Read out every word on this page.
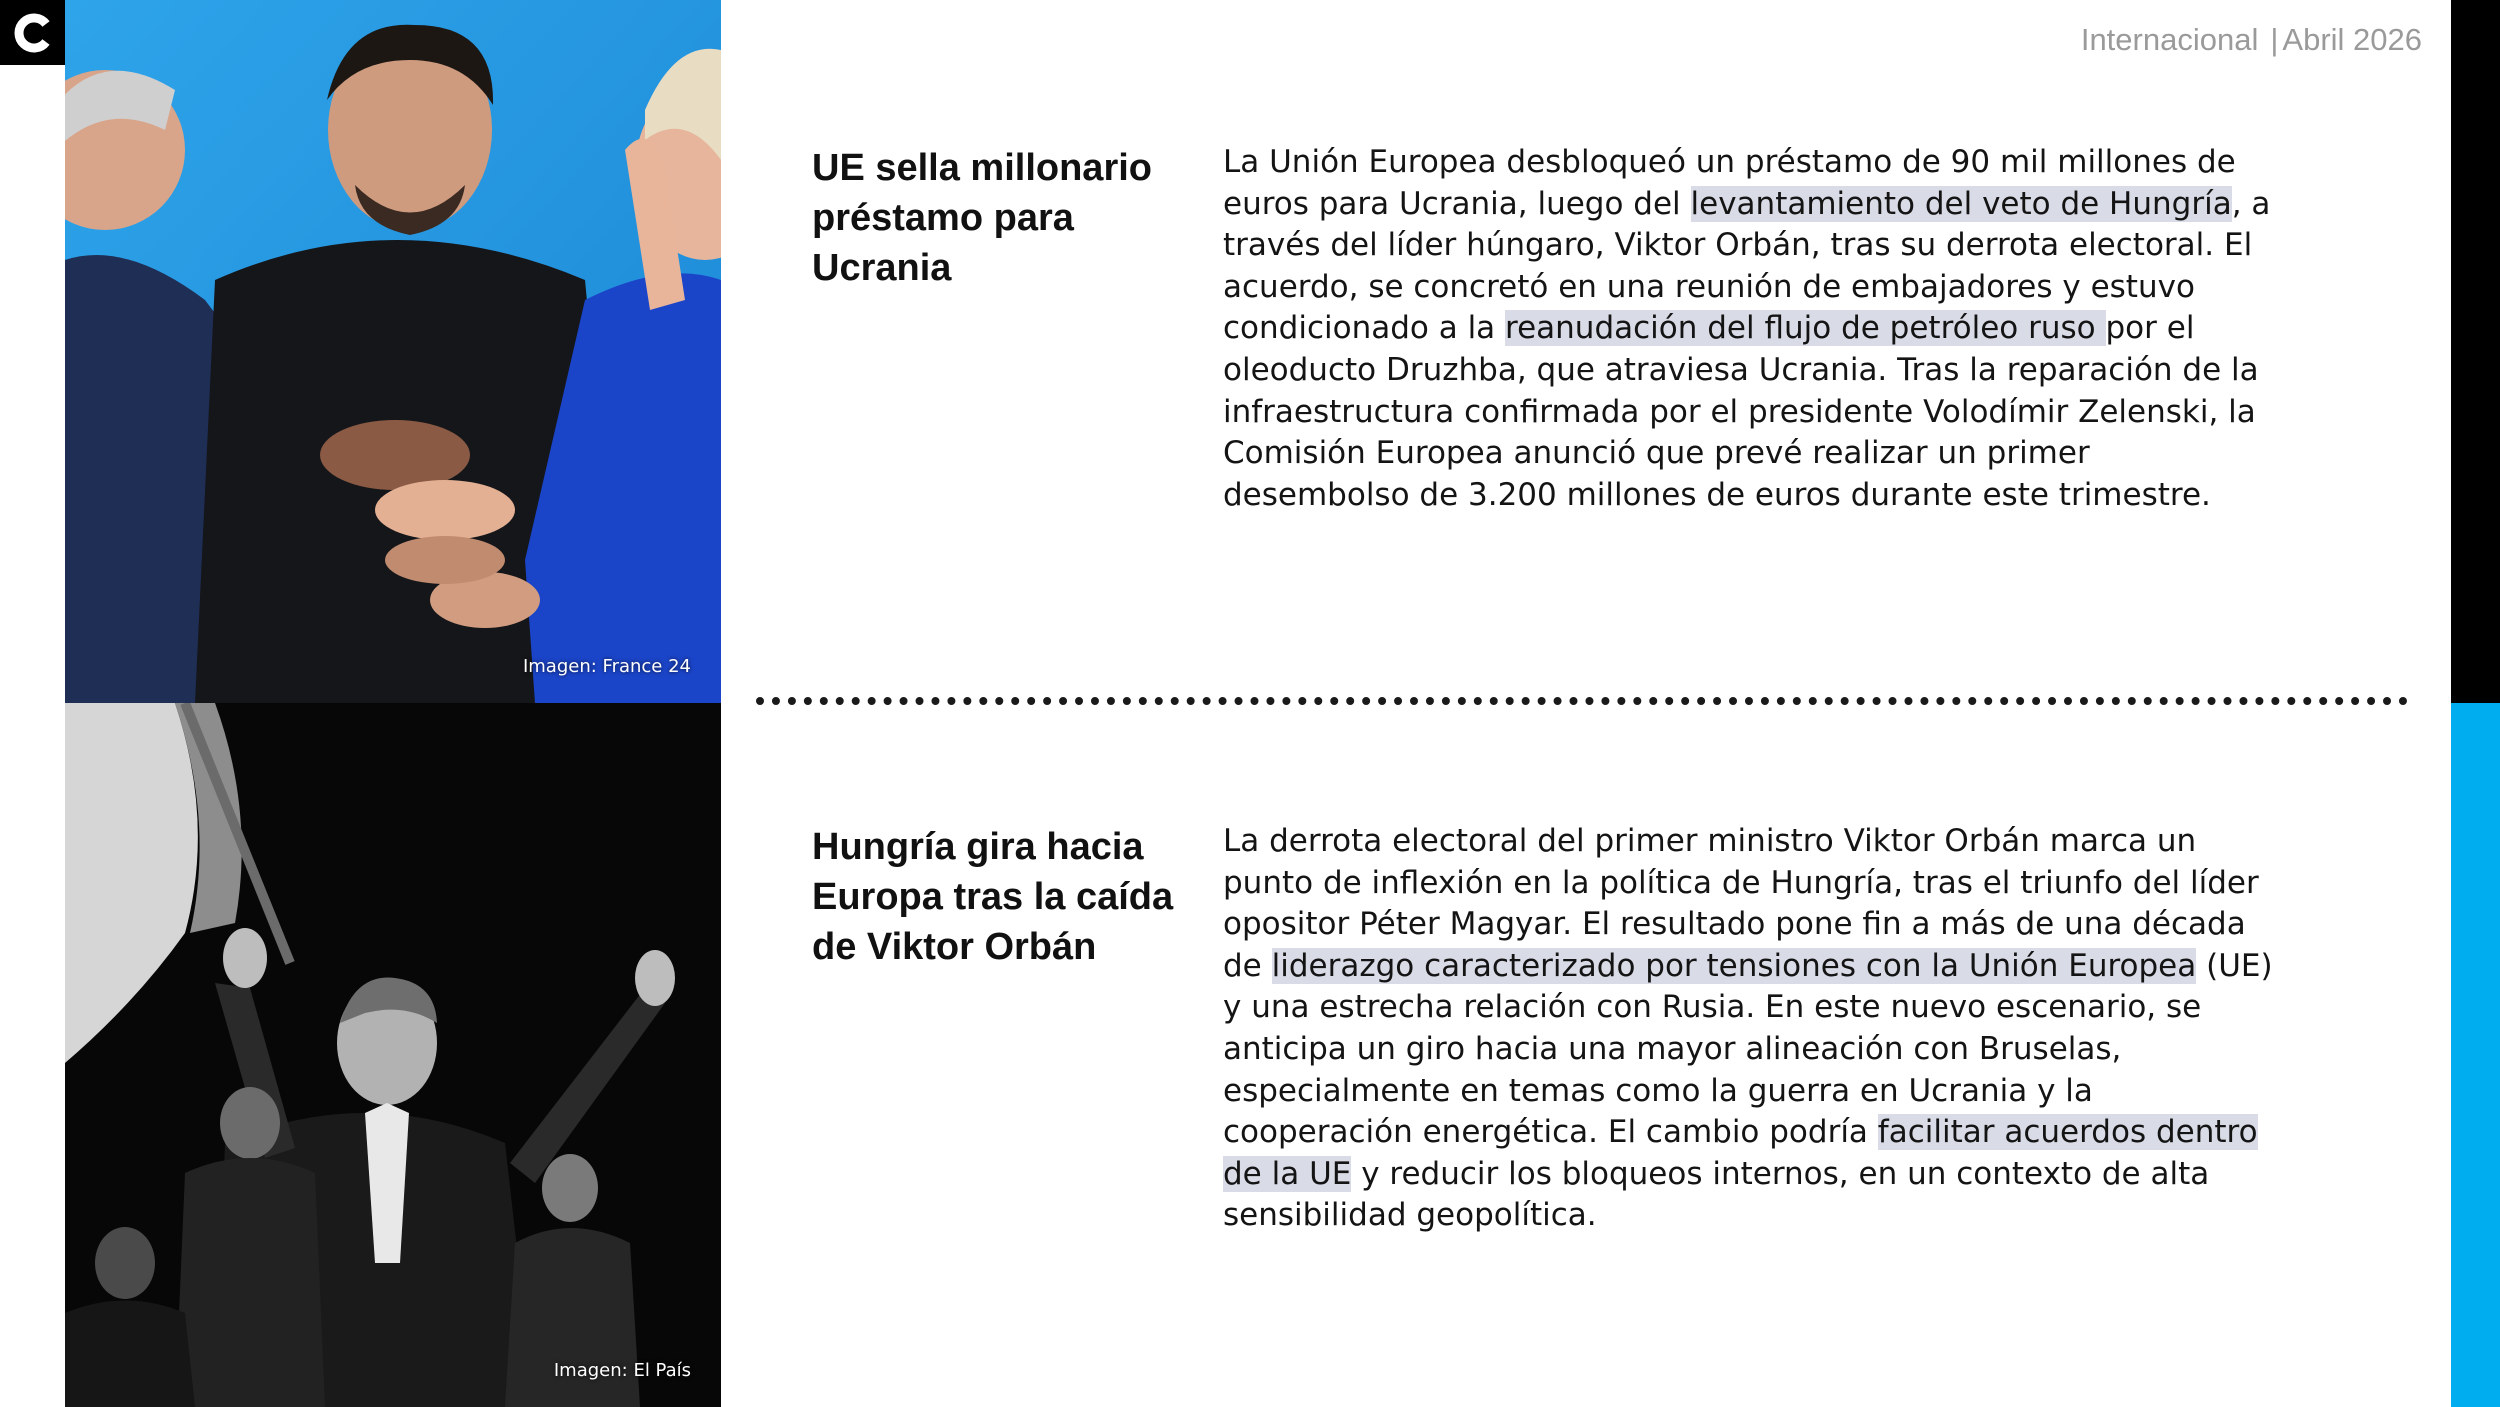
Imagen: France 24
Imagen: El País
Internacional | Abril 2026
UE sella millonario préstamo para Ucrania

La Unión Europea desbloqueó un préstamo de 90 mil millones de euros para Ucrania, luego del levantamiento del veto de Hungría, a través del líder húngaro, Viktor Orbán, tras su derrota electoral. El acuerdo, se concretó en una reunión de embajadores y estuvo condicionado a la reanudación del flujo de petróleo ruso por el oleoducto Druzhba, que atraviesa Ucrania. Tras la reparación de la infraestructura confirmada por el presidente Volodímir Zelenski, la Comisión Europea anunció que prevé realizar un primer desembolso de 3.200 millones de euros durante este trimestre.

Hungría gira hacia Europa tras la caída de Viktor Orbán

La derrota electoral del primer ministro Viktor Orbán marca un punto de inflexión en la política de Hungría, tras el triunfo del líder opositor Péter Magyar. El resultado pone fin a más de una década de liderazgo caracterizado por tensiones con la Unión Europea (UE) y una estrecha relación con Rusia. En este nuevo escenario, se anticipa un giro hacia una mayor alineación con Bruselas, especialmente en temas como la guerra en Ucrania y la cooperación energética. El cambio podría facilitar acuerdos dentro de la UE y reducir los bloqueos internos, en un contexto de alta sensibilidad geopolítica.
